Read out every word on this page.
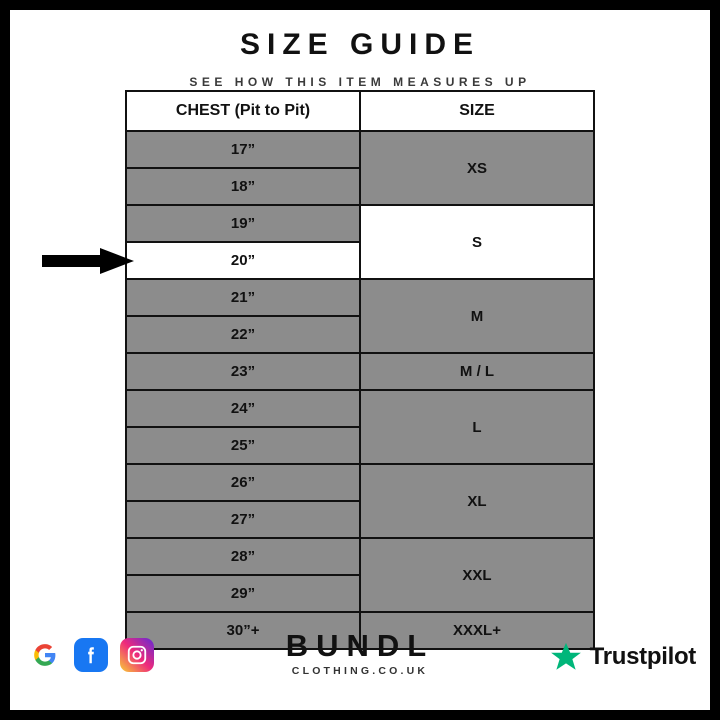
SIZE GUIDE
SEE HOW THIS ITEM MEASURES UP
CHEST (Pit to Pit)	SIZE
17”	XS
18”	
19”	S
20”	
21”	M
22”	
23”	M / L
24”	L
25”	
26”	XL
27”	
28”	XXL
29”	
30”+	XXXL+
BUNDL
CLOTHING.CO.UK
Trustpilot
